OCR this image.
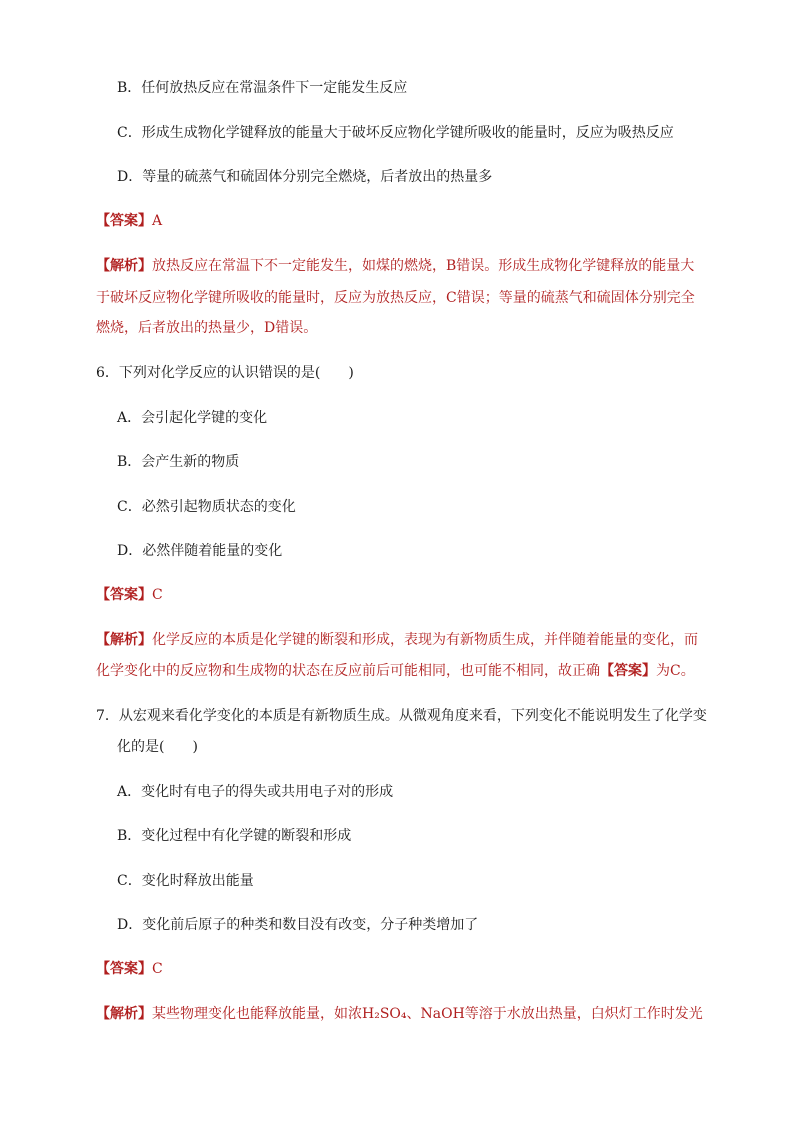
B．任何放热反应在常温条件下一定能发生反应
C．形成生成物化学键释放的能量大于破坏反应物化学键所吸收的能量时，反应为吸热反应
D．等量的硫蒸气和硫固体分别完全燃烧，后者放出的热量多
【答案】A
【解析】放热反应在常温下不一定能发生，如煤的燃烧，B错误。形成生成物化学键释放的能量大
于破坏反应物化学键所吸收的能量时，反应为放热反应，C错误；等量的硫蒸气和硫固体分别完全
燃烧，后者放出的热量少，D错误。
6．下列对化学反应的认识错误的是(　　)
A．会引起化学键的变化
B．会产生新的物质
C．必然引起物质状态的变化
D．必然伴随着能量的变化
【答案】C
【解析】化学反应的本质是化学键的断裂和形成，表现为有新物质生成，并伴随着能量的变化，而
化学变化中的反应物和生成物的状态在反应前后可能相同，也可能不相同，故正确【答案】为C。
7．从宏观来看化学变化的本质是有新物质生成。从微观角度来看，下列变化不能说明发生了化学变
化的是(　　)
A．变化时有电子的得失或共用电子对的形成
B．变化过程中有化学键的断裂和形成
C．变化时释放出能量
D．变化前后原子的种类和数目没有改变，分子种类增加了
【答案】C
【解析】某些物理变化也能释放能量，如浓H₂SO₄、NaOH等溶于水放出热量，白炽灯工作时发光
